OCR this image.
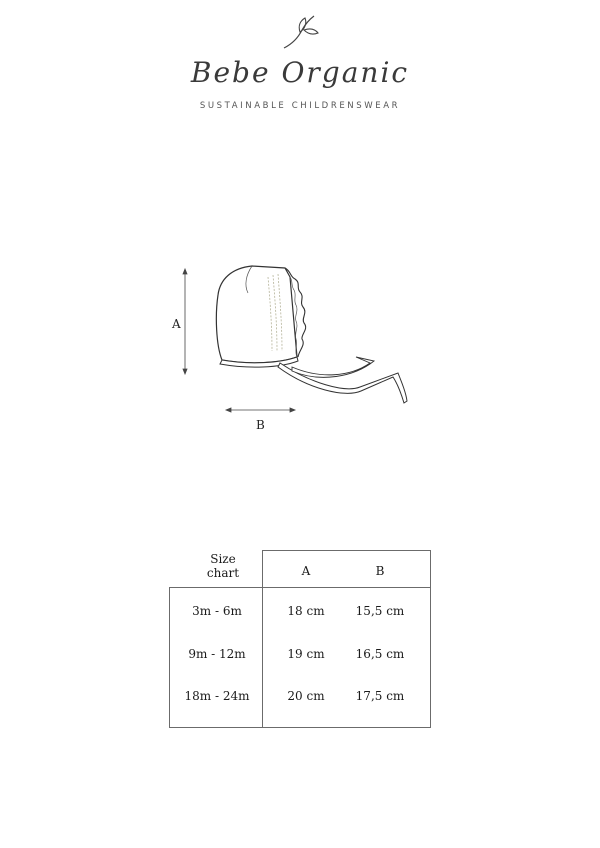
Bebe Organic
SUSTAINABLE CHILDRENSWEAR
A
B
Size
chart	A	B
3m - 6m	18 cm	15,5 cm
9m - 12m	19 cm	16,5 cm
18m - 24m	20 cm	17,5 cm
